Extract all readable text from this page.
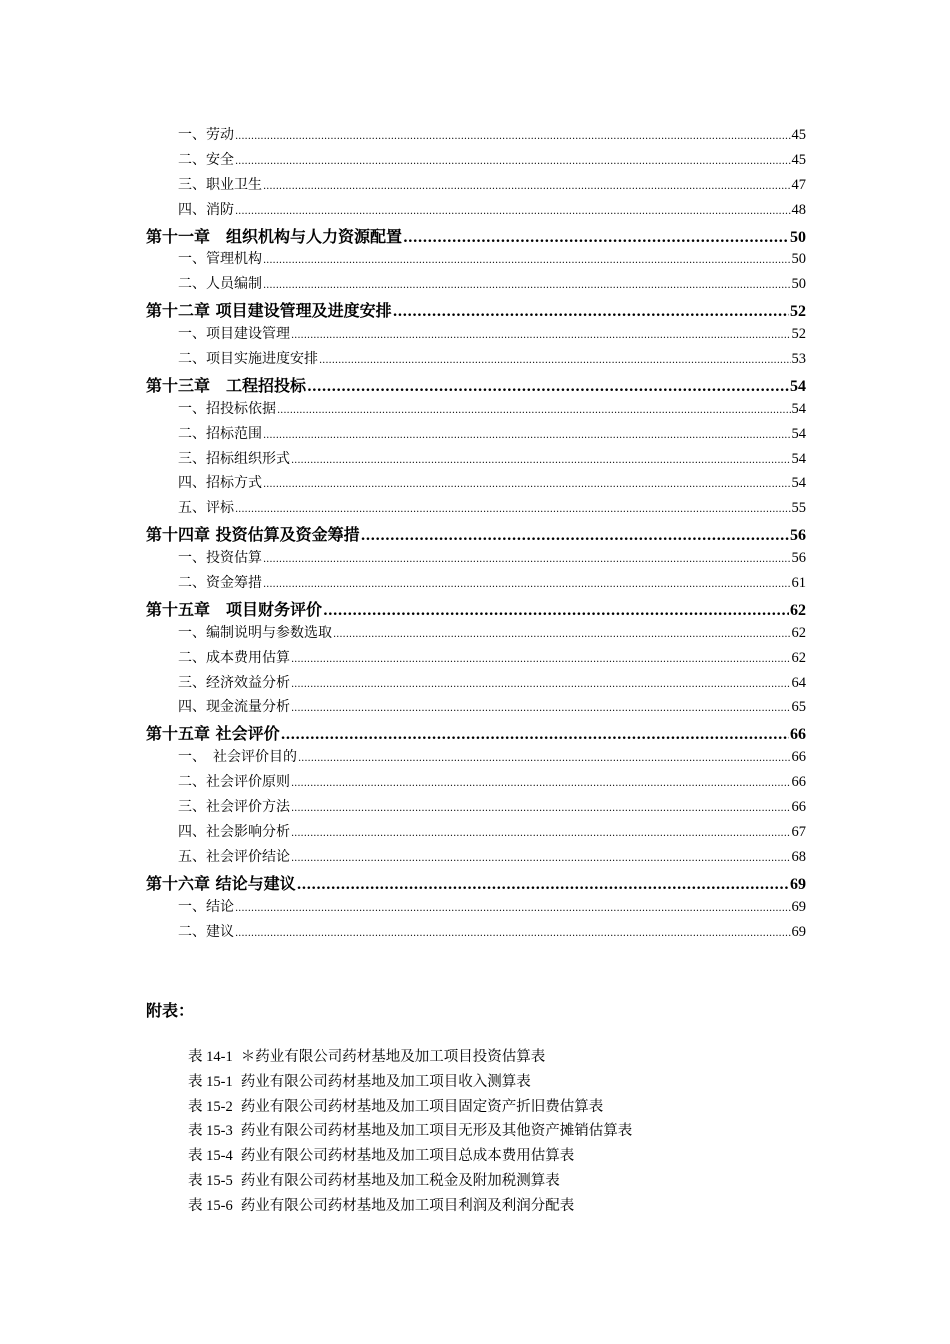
一、劳动 .....	45
二、安全 .....	45
三、职业卫生 .....	47
四、消防 .....	48
第十一章　组织机构与人力资源配置 .....	50
一、管理机构 .....	50
二、人员编制 .....	50
第十二章 项目建设管理及进度安排 .....	52
一、项目建设管理 .....	52
二、项目实施进度安排 .....	53
第十三章　工程招投标 .....	54
一、招投标依据 .....	54
二、招标范围 .....	54
三、招标组织形式 .....	54
四、招标方式 .....	54
五、评标 .....	55
第十四章 投资估算及资金筹措 .....	56
一、投资估算 .....	56
二、资金筹措 .....	61
第十五章　项目财务评价 .....	62
一、编制说明与参数选取 .....	62
二、成本费用估算 .....	62
三、经济效益分析 .....	64
四、现金流量分析 .....	65
第十五章 社会评价 .....	66
一、　社会评价目的 .....	66
二、社会评价原则 .....	66
三、社会评价方法 .....	66
四、社会影响分析 .....	67
五、社会评价结论 .....	68
第十六章 结论与建议 .....	69
一、结论 .....	69
二、建议 .....	69
附表：
表 14-1 ＊药业有限公司药材基地及加工项目投资估算表
表 15-1 药业有限公司药材基地及加工项目收入测算表
表 15-2 药业有限公司药材基地及加工项目固定资产折旧费估算表
表 15-3 药业有限公司药材基地及加工项目无形及其他资产摊销估算表
表 15-4 药业有限公司药材基地及加工项目总成本费用估算表
表 15-5 药业有限公司药材基地及加工税金及附加税测算表
表 15-6 药业有限公司药材基地及加工项目利润及利润分配表
